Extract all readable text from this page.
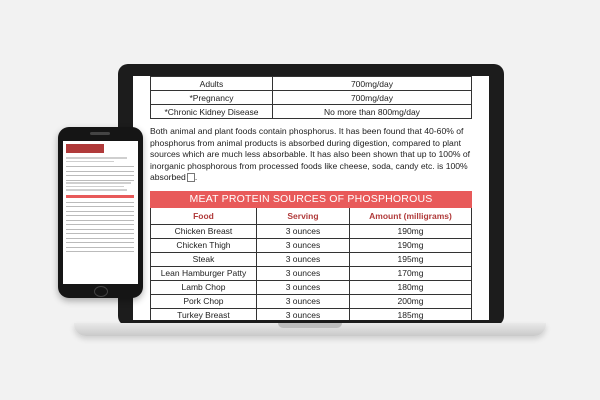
Adults	700mg/day
*Pregnancy	700mg/day
*Chronic Kidney Disease	No more than 800mg/day

Both animal and plant foods contain phosphorus. It has been found that 40-60% of phosphorus from animal products is absorbed during digestion, compared to plant sources which are much less absorbable. It has also been shown that up to 100% of inorganic phosphorous from processed foods like cheese, soda, candy etc. is 100% absorbed .

MEAT PROTEIN SOURCES OF PHOSPHOROUS
Food	Serving	Amount (milligrams)
Chicken Breast	3 ounces	190mg
Chicken Thigh	3 ounces	190mg
Steak	3 ounces	195mg
Lean Hamburger Patty	3 ounces	170mg
Lamb Chop	3 ounces	180mg
Pork Chop	3 ounces	200mg
Turkey Breast	3 ounces	185mg
